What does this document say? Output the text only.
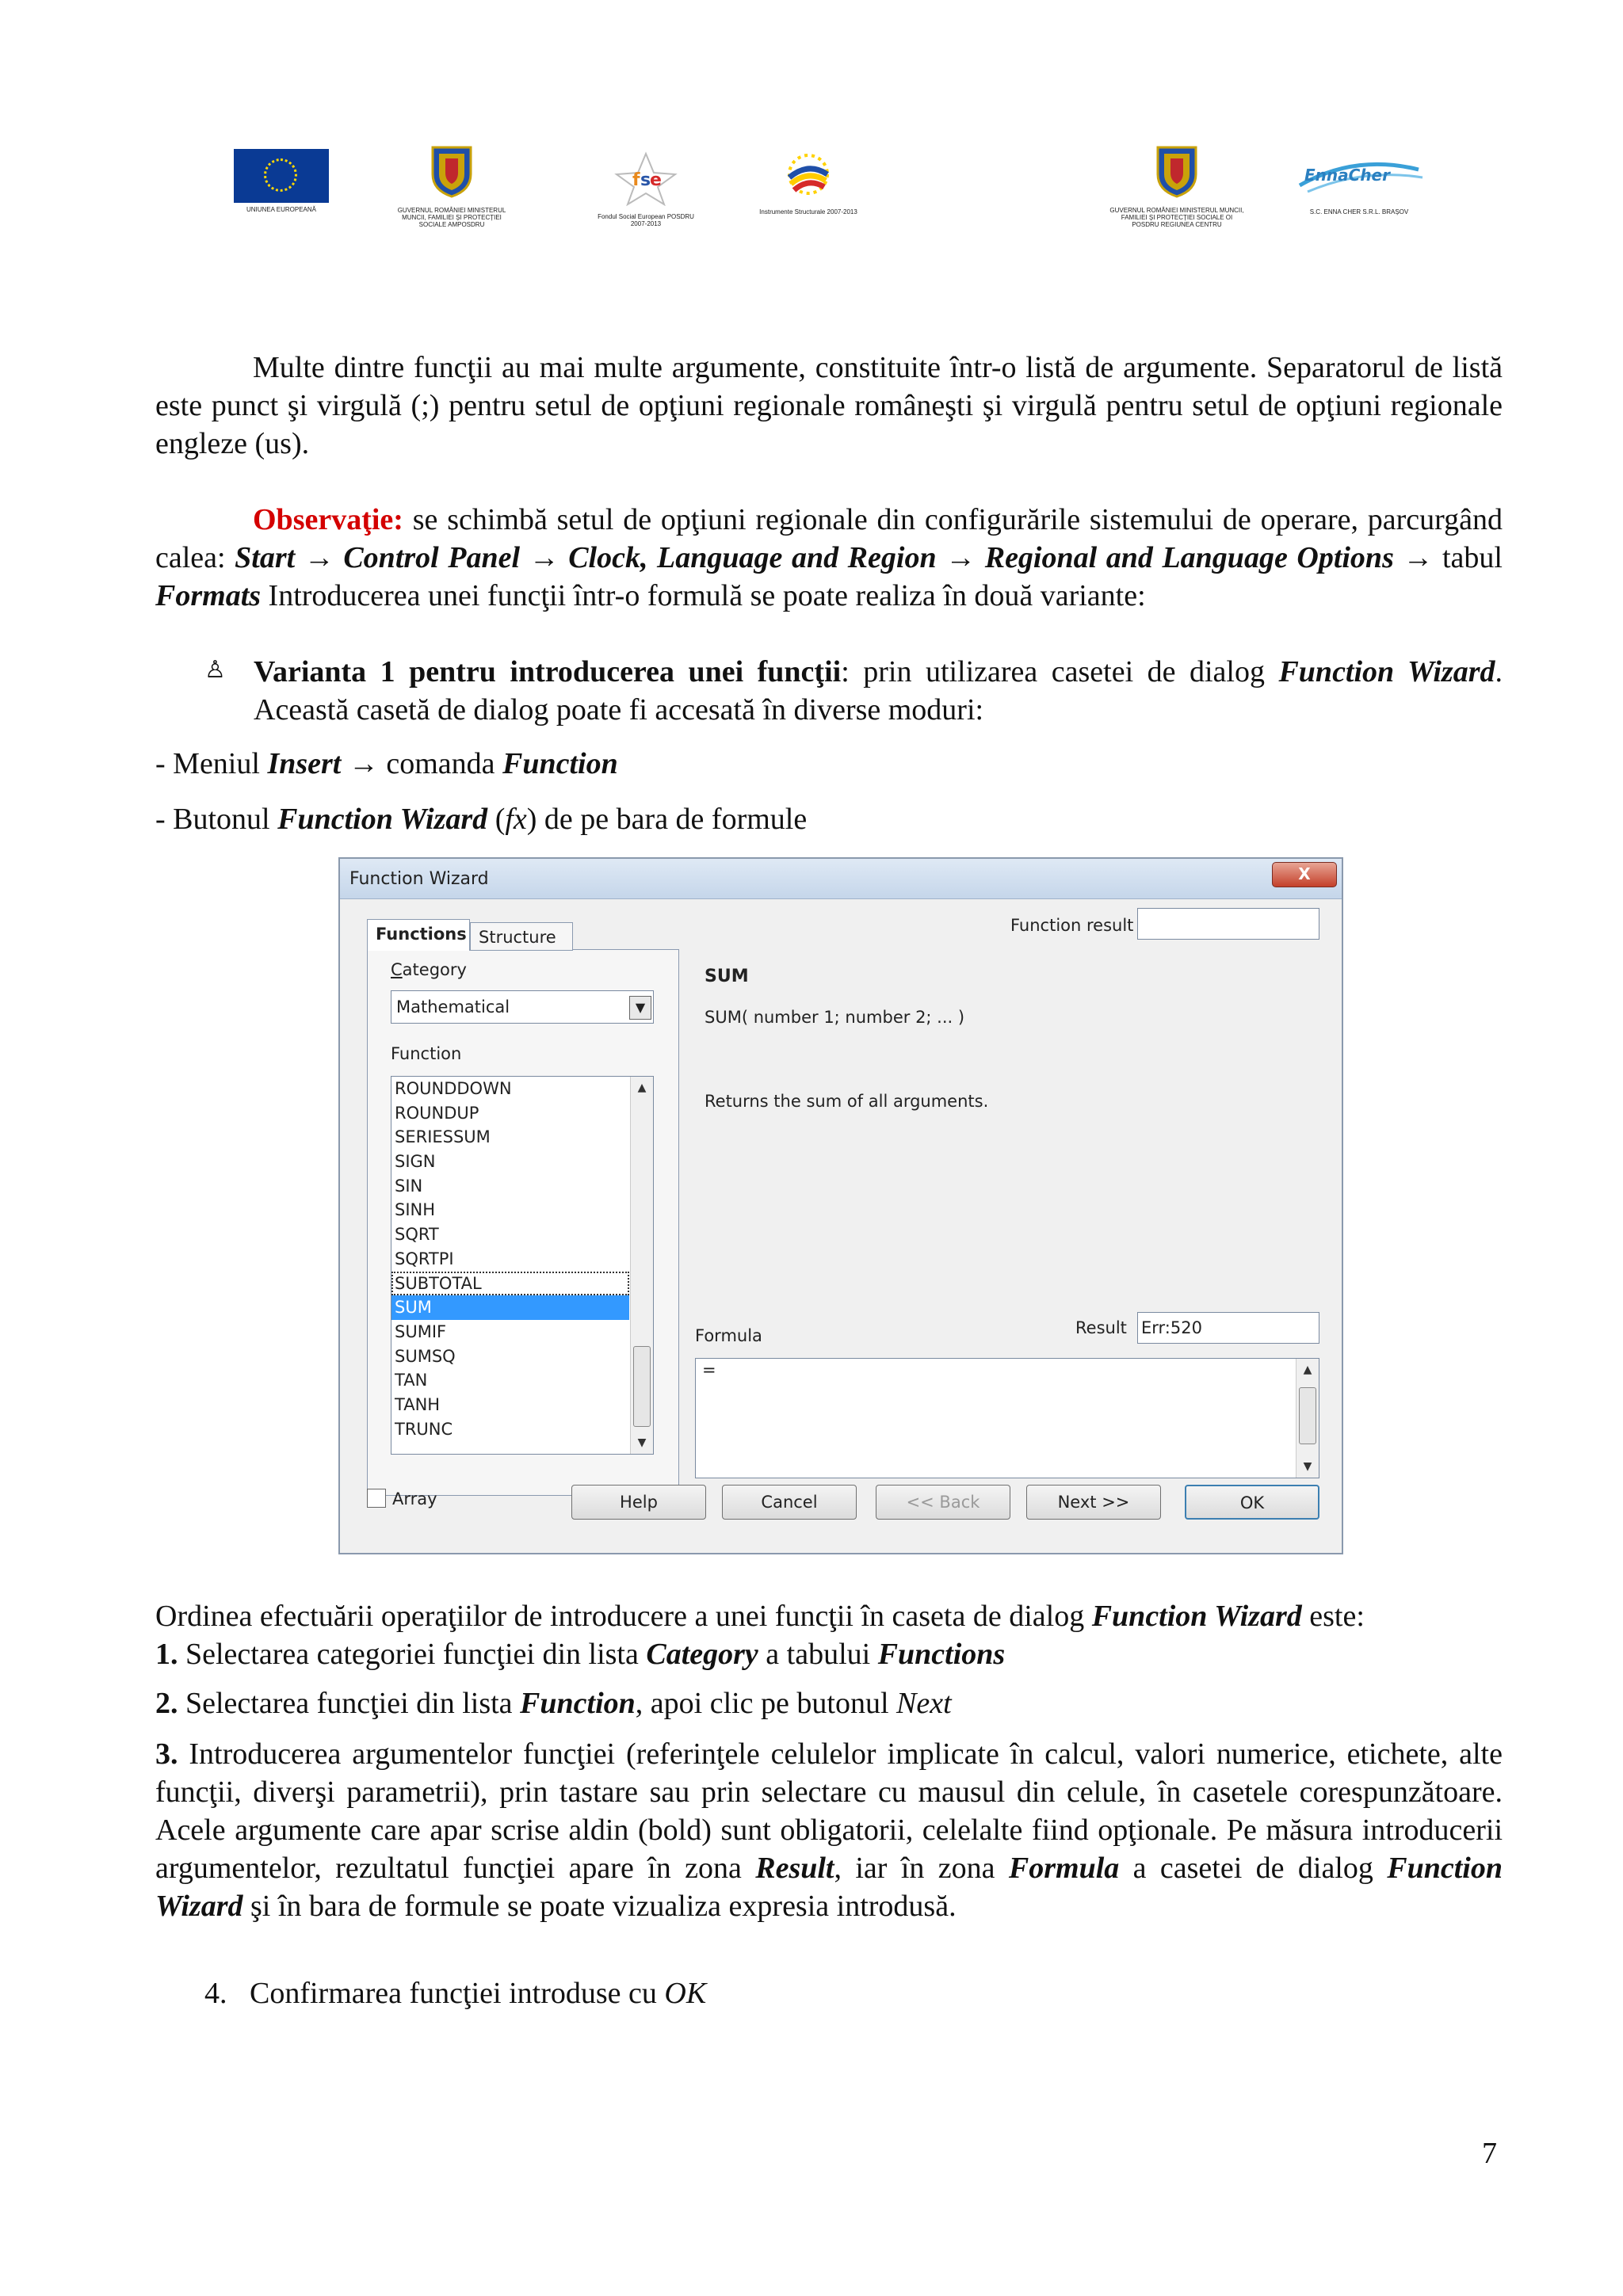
UNIUNEA EUROPEANĂ	GUVERNUL ROMÂNIEI MINISTERUL MUNCII, FAMILIEI ȘI PROTECȚIEI SOCIALE AMPOSDRU
f s
e
Fondul Social European POSDRU 2007-2013
Instrumente Structurale 2007-2013	GUVERNUL ROMÂNIEI MINISTERUL MUNCII, FAMILIEI ȘI PROTECȚIEI SOCIALE OI POSDRU REGIUNEA CENTRU
EnnaCher
S.C. ENNA CHER S.R.L. BRAȘOV

Multe dintre funcţii au mai multe argumente, constituite într-o listă de argumente. Separatorul de listă este punct şi virgulă (;) pentru setul de opţiuni regionale româneşti şi virgulă pentru setul de opţiuni regionale engleze (us).

Observaţie: se schimbă setul de opţiuni regionale din configurările sistemului de operare, parcurgând calea: Start → Control Panel → Clock, Language and Region → Regional and Language Options → tabul Formats Introducerea unei funcţii într-o formulă se poate realiza în două variante:

♙ Varianta 1 pentru introducerea unei funcţii: prin utilizarea casetei de dialog Function Wizard. Această casetă de dialog poate fi accesată în diverse moduri:

- Meniul Insert → comanda Function

- Butonul Function Wizard (fx) de pe bara de formule

Function Wizard	X
Functions Structure
Category
Mathematical	▼
Function
ROUNDDOWN
ROUNDUP
SERIESSUM
SIGN
SIN
SINH
SQRT
SQRTPI
SUBTOTAL
SUM
SUMIF
SUMSQ
TAN
TANH
TRUNC
▲
▼
Function result
SUM
SUM( number 1; number 2; ... )
Returns the sum of all arguments.
Formula	Result Err:520
=	▲
▼
Array	Help	Cancel	<< Back	Next >>	OK

Ordinea efectuării operaţiilor de introducere a unei funcţii în caseta de dialog Function Wizard este:

1. Selectarea categoriei funcţiei din lista Category a tabului Functions

2. Selectarea funcţiei din lista Function, apoi clic pe butonul Next

3. Introducerea argumentelor funcţiei (referinţele celulelor implicate în calcul, valori numerice, etichete, alte funcţii, diverşi parametrii), prin tastare sau prin selectare cu mausul din celule, în casetele corespunzătoare. Acele argumente care apar scrise aldin (bold) sunt obligatorii, celelalte fiind opţionale. Pe măsura introducerii argumentelor, rezultatul funcţiei apare în zona Result, iar în zona Formula a casetei de dialog Function Wizard şi în bara de formule se poate vizualiza expresia introdusă.

4. Confirmarea funcţiei introduse cu OK

7
